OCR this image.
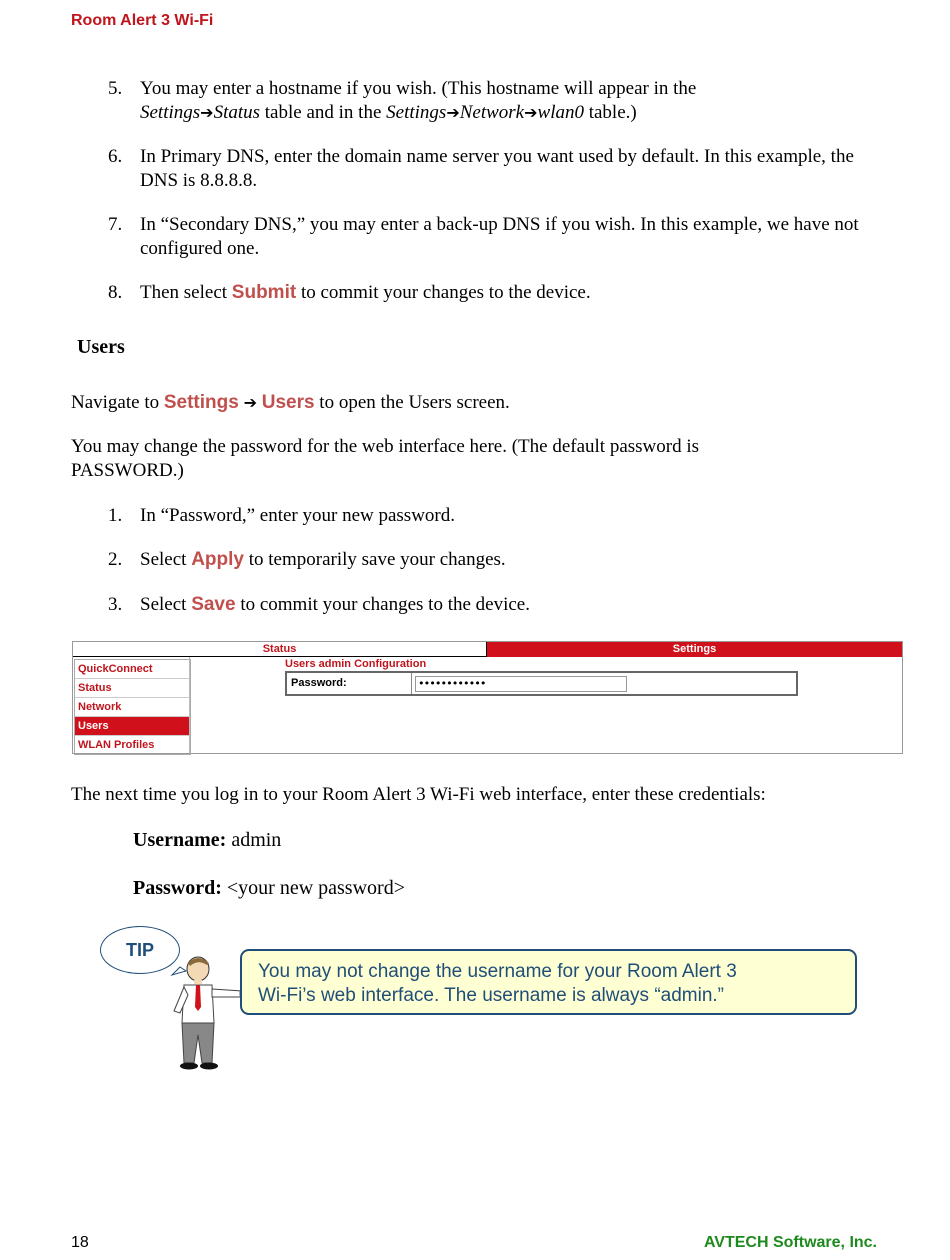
Room Alert 3 Wi-Fi
5. You may enter a hostname if you wish. (This hostname will appear in the
Settings➔Status table and in the Settings➔Network➔wlan0 table.)
6. In Primary DNS, enter the domain name server you want used by default. In this example, the DNS is 8.8.8.8.
7. In “Secondary DNS,” you may enter a back-up DNS if you wish. In this example, we have not configured one.
8. Then select Submit to commit your changes to the device.
Users
Navigate to Settings ➔ Users to open the Users screen.
You may change the password for the web interface here. (The default password is PASSWORD.)
1. In “Password,” enter your new password.
2. Select Apply to temporarily save your changes.
3. Select Save to commit your changes to the device.
Status	Settings
QuickConnect
Status
Network
Users
WLAN Profiles
Users admin Configuration
Password:	••••••••••••
The next time you log in to your Room Alert 3 Wi-Fi web interface, enter these credentials:
Username: admin
Password: <your new password>
TIP
You may not change the username for your Room Alert 3
Wi-Fi’s web interface. The username is always “admin.”
18	AVTECH Software, Inc.
